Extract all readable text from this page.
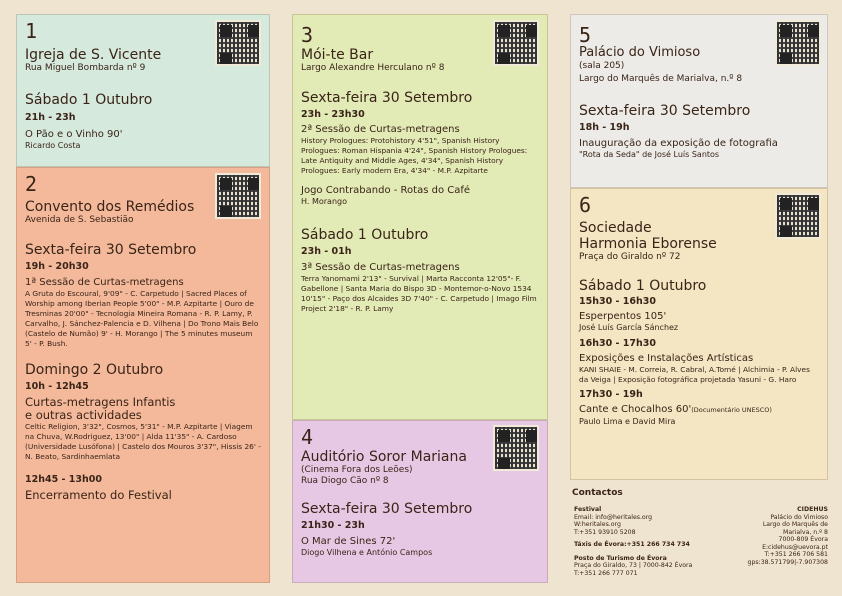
1
Igreja de S. Vicente
Rua Miguel Bombarda nº 9
Sábado 1 Outubro
21h - 23h
O Pão e o Vinho 90'
Ricardo Costa
2
Convento dos Remédios
Avenida de S. Sebastião
Sexta-feira 30 Setembro
19h - 20h30
1ª Sessão de Curtas-metragens
A Gruta do Escoural, 9'09" - C. Carpetudo | Sacred Places of Worship among Iberian People 5'00" - M.P. Azpitarte | Ouro de Tresminas 20'00" - Tecnologia Mineira Romana - R. P. Lamy, P. Carvalho, J. Sánchez-Palencia e D. Vilhena | Do Trono Mais Belo (Castelo de Numão) 9' - H. Morango | The 5 minutes museum 5' - P. Bush.
Domingo 2 Outubro
10h - 12h45
Curtas-metragens Infantis
e outras actividades
Celtic Religion, 3'32", Cosmos, 5'31" - M.P. Azpitarte | Viagem na Chuva, W.Rodriguez, 13'00" | Alda 11'35" - A. Cardoso (Universidade Lusófona) | Castelo dos Mouros 3'37", Hissis 26' - N. Beato, Sardinhaemlata
12h45 - 13h00
Encerramento do Festival
3
Mói-te Bar
Largo Alexandre Herculano nº 8
Sexta-feira 30 Setembro
23h - 23h30
2ª Sessão de Curtas-metragens
History Prologues: Protohistory 4'51", Spanish History Prologues: Roman Hispania 4'24", Spanish History Prologues: Late Antiquity and Middle Ages, 4'34", Spanish History Prologues: Early modern Era, 4'34" - M.P. Azpitarte
Jogo Contrabando - Rotas do Café
H. Morango
Sábado 1 Outubro
23h - 01h
3ª Sessão de Curtas-metragens
Terra Yanomami 2'13" - Survival | Marta Racconta 12'05"- F. Gabellone | Santa Maria do Bispo 3D - Montemor-o-Novo 1534 10'15" - Paço dos Alcaides 3D 7'40" - C. Carpetudo | Imago Film Project 2'18" - R. P. Lamy
4
Auditório Soror Mariana
(Cinema Fora dos Leões)
Rua Diogo Cão nº 8
Sexta-feira 30 Setembro
21h30 - 23h
O Mar de Sines 72'
Diogo Vilhena e António Campos
5
Palácio do Vimioso
(sala 205)
Largo do Marquês de Marialva, n.º 8
Sexta-feira 30 Setembro
18h - 19h
Inauguração da exposição de fotografia
"Rota da Seda" de José Luís Santos
6
Sociedade
Harmonia Eborense
Praça do Giraldo nº 72
Sábado 1 Outubro
15h30 - 16h30
Esperpentos 105'
José Luís García Sánchez
16h30 - 17h30
Exposições e Instalações Artísticas
KANI SHAIE - M. Correia, R. Cabral, A.Tomé | Alchimia - P. Alves da Veiga | Exposição fotográfica projetada Yasuni - G. Haro
17h30 - 19h
Cante e Chocalhos 60'(Documentário UNESCO)
Paulo Lima e David Mira
Contactos
Festival
Email: info@heritales.org
W:heritales.org
T:+351 93910 5208
Táxis de Évora:+351 266 734 734
Posto de Turismo de Évora
Praça do Giraldo, 73 | 7000-842 Évora
T:+351 266 777 071
CIDEHUS
Palácio do Vimioso
Largo do Marquês de
Marialva, n.º 8
7000-809 Évora
E:cidehus@uevora.pt
T:+351 266 706 581
gps:38.571799|-7.907308
